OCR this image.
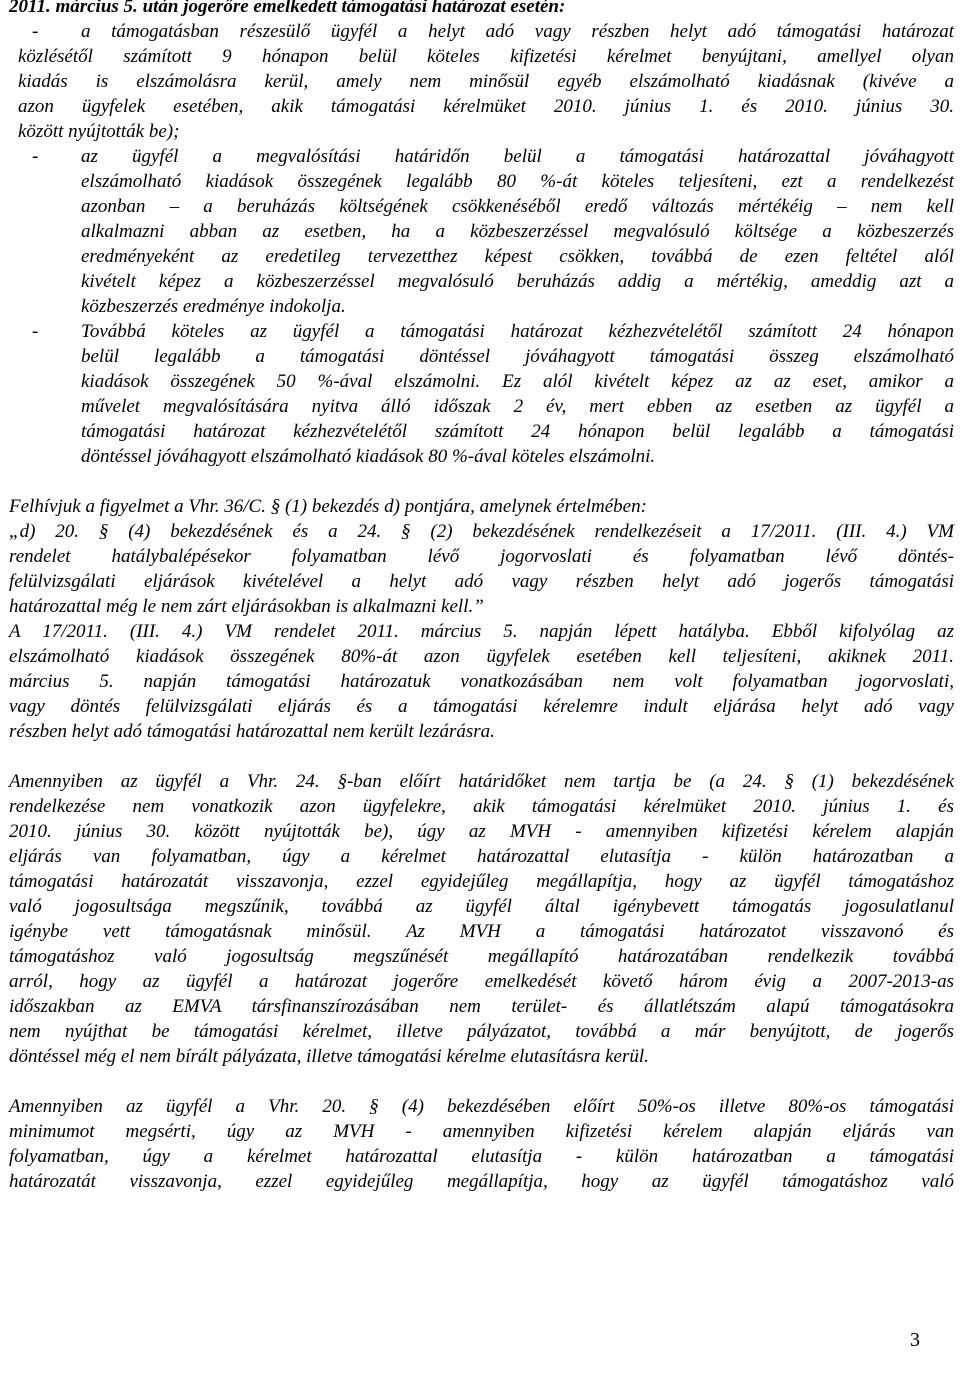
2011. március 5. után jogerőre emelkedett támogatási határozat esetén:
-	a támogatásban részesülő ügyfél a helyt adó vagy részben helyt adó támogatási határozat
közlésétől számított 9 hónapon belül köteles kifizetési kérelmet benyújtani, amellyel olyan
kiadás is elszámolásra kerül, amely nem minősül egyéb elszámolható kiadásnak (kivéve a
azon ügyfelek esetében, akik támogatási kérelmüket 2010. június 1. és 2010. június 30.
között nyújtották be);
- az ügyfél a megvalósítási határidőn belül a támogatási határozattal jóváhagyott
elszámolható kiadások összegének legalább 80 %-át köteles teljesíteni, ezt a rendelkezést
azonban – a beruházás költségének csökkenéséből eredő változás mértékéig – nem kell
alkalmazni abban az esetben, ha a közbeszerzéssel megvalósuló költsége a közbeszerzés
eredményeként az eredetileg tervezetthez képest csökken, továbbá de ezen feltétel alól
kivételt képez a közbeszerzéssel megvalósuló beruházás addig a mértékig, ameddig azt a
közbeszerzés eredménye indokolja.
- Továbbá köteles az ügyfél a támogatási határozat kézhezvételétől számított 24 hónapon
belül legalább a támogatási döntéssel jóváhagyott támogatási összeg elszámolható
kiadások összegének 50 %-ával elszámolni. Ez alól kivételt képez az az eset, amikor a
művelet megvalósítására nyitva álló időszak 2 év, mert ebben az esetben az ügyfél a
támogatási határozat kézhezvételétől számított 24 hónapon belül legalább a támogatási
döntéssel jóváhagyott elszámolható kiadások 80 %-ával köteles elszámolni.
Felhívjuk a figyelmet a Vhr. 36/C. § (1) bekezdés d) pontjára, amelynek értelmében:
„d) 20. § (4) bekezdésének és a 24. § (2) bekezdésének rendelkezéseit a 17/2011. (III. 4.) VM
rendelet hatálybalépésekor folyamatban lévő jogorvoslati és folyamatban lévő döntés-
felülvizsgálati eljárások kivételével a helyt adó vagy részben helyt adó jogerős támogatási
határozattal még le nem zárt eljárásokban is alkalmazni kell.”
A 17/2011. (III. 4.) VM rendelet 2011. március 5. napján lépett hatályba. Ebből kifolyólag az
elszámolható kiadások összegének 80%-át azon ügyfelek esetében kell teljesíteni, akiknek 2011.
március 5. napján támogatási határozatuk vonatkozásában nem volt folyamatban jogorvoslati,
vagy döntés felülvizsgálati eljárás és a támogatási kérelemre indult eljárása helyt adó vagy
részben helyt adó támogatási határozattal nem került lezárásra.
Amennyiben az ügyfél a Vhr. 24. §-ban előírt határidőket nem tartja be (a 24. § (1) bekezdésének
rendelkezése nem vonatkozik azon ügyfelekre, akik támogatási kérelmüket 2010. június 1. és
2010. június 30. között nyújtották be), úgy az MVH - amennyiben kifizetési kérelem alapján
eljárás van folyamatban, úgy a kérelmet határozattal elutasítja - külön határozatban a
támogatási határozatát visszavonja, ezzel egyidejűleg megállapítja, hogy az ügyfél támogatáshoz
való jogosultsága megszűnik, továbbá az ügyfél által igénybevett támogatás jogosulatlanul
igénybe vett támogatásnak minősül. Az MVH a támogatási határozatot visszavonó és
támogatáshoz való jogosultság megszűnését megállapító határozatában rendelkezik továbbá
arról, hogy az ügyfél a határozat jogerőre emelkedését követő három évig a 2007-2013-as
időszakban az EMVA társfinanszírozásában nem terület- és állatlétszám alapú támogatásokra
nem nyújthat be támogatási kérelmet, illetve pályázatot, továbbá a már benyújtott, de jogerős
döntéssel még el nem bírált pályázata, illetve támogatási kérelme elutasításra kerül.
Amennyiben az ügyfél a Vhr. 20. § (4) bekezdésében előírt 50%-os illetve 80%-os támogatási
minimumot megsérti, úgy az MVH - amennyiben kifizetési kérelem alapján eljárás van
folyamatban, úgy a kérelmet határozattal elutasítja - külön határozatban a támogatási
határozatát visszavonja, ezzel egyidejűleg megállapítja, hogy az ügyfél támogatáshoz való
3
